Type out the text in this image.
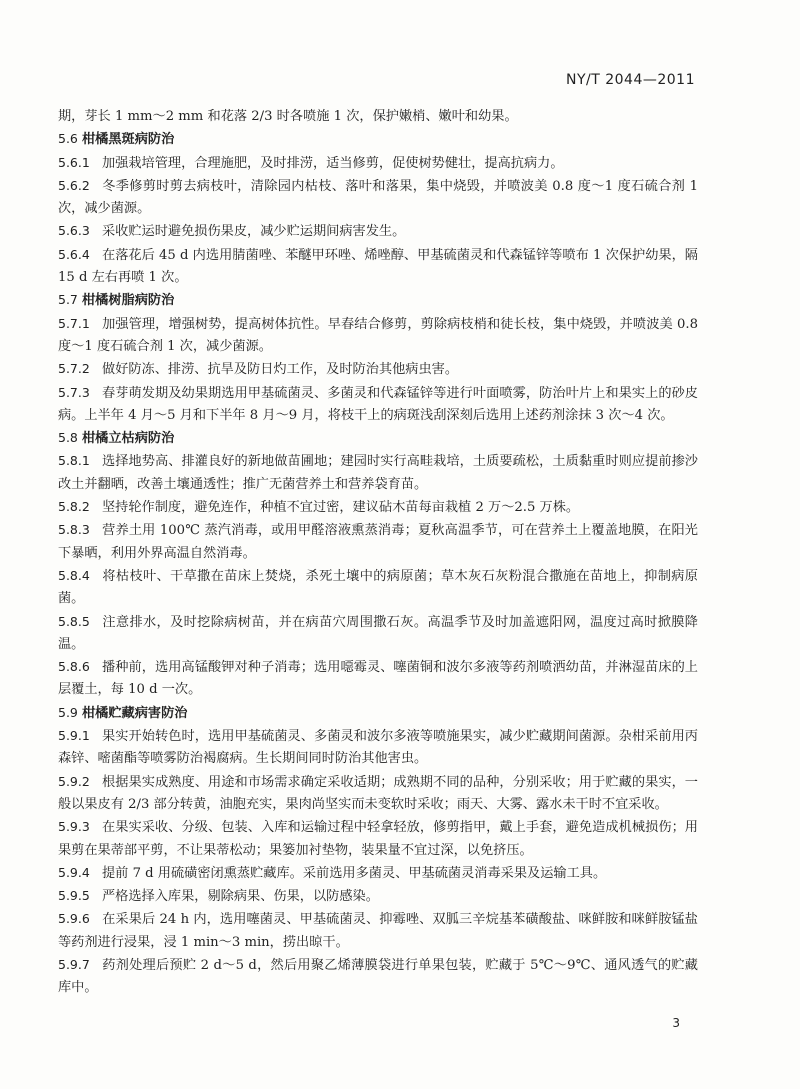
NY/T 2044—2011

期，芽长 1 mm～2 mm 和花落 2/3 时各喷施 1 次，保护嫩梢、嫩叶和幼果。

5.6 柑橘黑斑病防治

5.6.1 加强栽培管理，合理施肥，及时排涝，适当修剪，促使树势健壮，提高抗病力。

5.6.2 冬季修剪时剪去病枝叶，清除园内枯枝、落叶和落果，集中烧毁，并喷波美 0.8 度～1 度石硫合剂 1 次，减少菌源。

5.6.3 采收贮运时避免损伤果皮，减少贮运期间病害发生。

5.6.4 在落花后 45 d 内选用腈菌唑、苯醚甲环唑、烯唑醇、甲基硫菌灵和代森锰锌等喷布 1 次保护幼果，隔 15 d 左右再喷 1 次。

5.7 柑橘树脂病防治

5.7.1 加强管理，增强树势，提高树体抗性。早春结合修剪，剪除病枝梢和徒长枝，集中烧毁，并喷波美 0.8 度～1 度石硫合剂 1 次，减少菌源。

5.7.2 做好防冻、排涝、抗旱及防日灼工作，及时防治其他病虫害。

5.7.3 春芽萌发期及幼果期选用甲基硫菌灵、多菌灵和代森锰锌等进行叶面喷雾，防治叶片上和果实上的砂皮病。上半年 4 月～5 月和下半年 8 月～9 月，将枝干上的病斑浅刮深刻后选用上述药剂涂抹 3 次～4 次。

5.8 柑橘立枯病防治

5.8.1 选择地势高、排灌良好的新地做苗圃地；建园时实行高畦栽培，土质要疏松，土质黏重时则应提前掺沙改土并翻晒，改善土壤通透性；推广无菌营养土和营养袋育苗。

5.8.2 坚持轮作制度，避免连作，种植不宜过密，建议砧木苗每亩栽植 2 万～2.5 万株。

5.8.3 营养土用 100℃ 蒸汽消毒，或用甲醛溶液熏蒸消毒；夏秋高温季节，可在营养土上覆盖地膜，在阳光下暴晒，利用外界高温自然消毒。

5.8.4 将枯枝叶、干草撒在苗床上焚烧，杀死土壤中的病原菌；草木灰石灰粉混合撒施在苗地上，抑制病原菌。

5.8.5 注意排水，及时挖除病树苗，并在病苗穴周围撒石灰。高温季节及时加盖遮阳网，温度过高时掀膜降温。

5.8.6 播种前，选用高锰酸钾对种子消毒；选用噁霉灵、噻菌铜和波尔多液等药剂喷洒幼苗，并淋湿苗床的上层覆土，每 10 d 一次。

5.9 柑橘贮藏病害防治

5.9.1 果实开始转色时，选用甲基硫菌灵、多菌灵和波尔多液等喷施果实，减少贮藏期间菌源。杂柑采前用丙森锌、嘧菌酯等喷雾防治褐腐病。生长期间同时防治其他害虫。

5.9.2 根据果实成熟度、用途和市场需求确定采收适期；成熟期不同的品种，分别采收；用于贮藏的果实，一般以果皮有 2/3 部分转黄，油胞充实，果肉尚坚实而未变软时采收；雨天、大雾、露水未干时不宜采收。

5.9.3 在果实采收、分级、包装、入库和运输过程中轻拿轻放，修剪指甲，戴上手套，避免造成机械损伤；用果剪在果蒂部平剪，不让果蒂松动；果篓加衬垫物，装果量不宜过深，以免挤压。

5.9.4 提前 7 d 用硫磺密闭熏蒸贮藏库。采前选用多菌灵、甲基硫菌灵消毒采果及运输工具。

5.9.5 严格选择入库果，剔除病果、伤果，以防感染。

5.9.6 在采果后 24 h 内，选用噻菌灵、甲基硫菌灵、抑霉唑、双胍三辛烷基苯磺酸盐、咪鲜胺和咪鲜胺锰盐等药剂进行浸果，浸 1 min～3 min，捞出晾干。

5.9.7 药剂处理后预贮 2 d～5 d，然后用聚乙烯薄膜袋进行单果包装，贮藏于 5℃～9℃、通风透气的贮藏库中。

3
